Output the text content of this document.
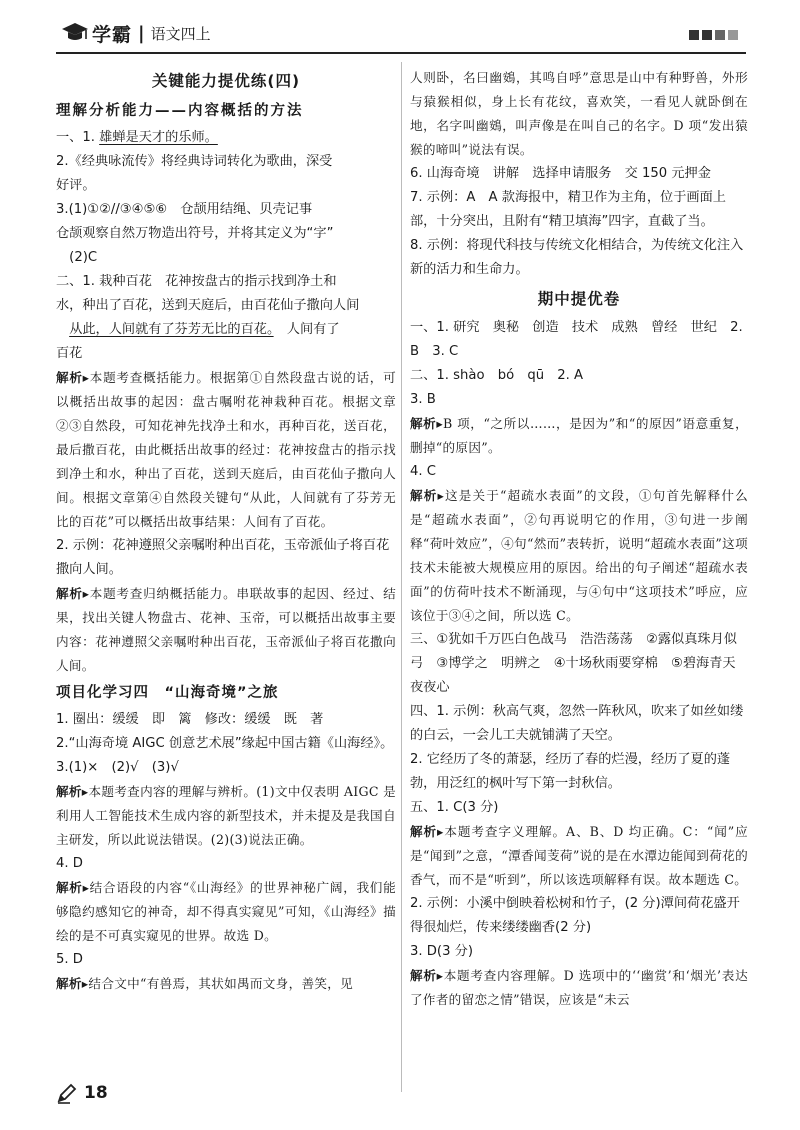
学霸 | 语文四上

关键能力提优练(四)

理解分析能力——内容概括的方法

一、1. 雄蝉是天才的乐师。

2.《经典咏流传》将经典诗词转化为歌曲，深受

好评。

3.(1)①②//③④⑤⑥　仓颉用结绳、贝壳记事

仓颉观察自然万物造出符号，并将其定义为“字”

　(2)C

二、1. 栽种百花　花神按盘古的指示找到净土和

水，种出了百花，送到天庭后，由百花仙子撒向人间

　从此，人间就有了芬芳无比的百花。　人间有了

百花

解析▸本题考查概括能力。根据第①自然段盘古说的话，可以概括出故事的起因：盘古嘱咐花神栽种百花。根据文章②③自然段，可知花神先找净土和水，再种百花，送百花，最后撒百花，由此概括出故事的经过：花神按盘古的指示找到净土和水，种出了百花，送到天庭后，由百花仙子撒向人间。根据文章第④自然段关键句“从此，人间就有了芬芳无比的百花”可以概括出故事结果：人间有了百花。

2. 示例：花神遵照父亲嘱咐种出百花，玉帝派仙子将百花撒向人间。

解析▸本题考查归纳概括能力。串联故事的起因、经过、结果，找出关键人物盘古、花神、玉帝，可以概括出故事主要内容：花神遵照父亲嘱咐种出百花，玉帝派仙子将百花撒向人间。

项目化学习四　“山海奇境”之旅

1. 圈出：缓缓　即　篱　修改：缓缓　既　著

2.“山海奇境 AIGC 创意艺术展”缘起中国古籍《山海经》。

3.(1)×　(2)√　(3)√

解析▸本题考查内容的理解与辨析。(1)文中仅表明 AIGC 是利用人工智能技术生成内容的新型技术，并未提及是我国自主研发，所以此说法错误。(2)(3)说法正确。

4. D

解析▸结合语段的内容“《山海经》的世界神秘广阔，我们能够隐约感知它的神奇，却不得真实窥见”可知，《山海经》描绘的是不可真实窥见的世界。故选 D。

5. D

解析▸结合文中“有兽焉，其状如禺而文身，善笑，见

人则卧，名曰幽鴳，其鸣自呼”意思是山中有种野兽，外形与猿猴相似，身上长有花纹，喜欢笑，一看见人就卧倒在地，名字叫幽鴳，叫声像是在叫自己的名字。D 项“发出猿猴的啼叫”说法有误。

6. 山海奇境　讲解　选择申请服务　交 150 元押金

7. 示例：A　A 款海报中，精卫作为主角，位于画面上部，十分突出，且附有“精卫填海”四字，直截了当。

8. 示例：将现代科技与传统文化相结合，为传统文化注入新的活力和生命力。

期中提优卷

一、1. 研究　奥秘　创造　技术　成熟　曾经　世纪　2. B　3. C

二、1. shào　bó　qū　2. A

3. B

解析▸B 项，“之所以……，是因为”和“的原因”语意重复，删掉“的原因”。

4. C

解析▸这是关于“超疏水表面”的文段，①句首先解释什么是“超疏水表面”，②句再说明它的作用，③句进一步阐释“荷叶效应”，④句“然而”表转折，说明“超疏水表面”这项技术未能被大规模应用的原因。给出的句子阐述“超疏水表面”的仿荷叶技术不断涌现，与④句中“这项技术”呼应，应该位于③④之间，所以选 C。

三、①犹如千万匹白色战马　浩浩荡荡　②露似真珠月似弓　③博学之　明辨之　④十场秋雨要穿棉　⑤碧海青天夜夜心

四、1. 示例：秋高气爽，忽然一阵秋风，吹来了如丝如缕的白云，一会儿工夫就铺满了天空。

2. 它经历了冬的萧瑟，经历了春的烂漫，经历了夏的蓬勃，用泛红的枫叶写下第一封秋信。

五、1. C(3 分)

解析▸本题考查字义理解。A、B、D 均正确。C：“闻”应是“闻到”之意，“潭香闻芰荷”说的是在水潭边能闻到荷花的香气，而不是“听到”，所以该选项解释有误。故本题选 C。

2. 示例：小溪中倒映着松树和竹子，(2 分)潭间荷花盛开得很灿烂，传来缕缕幽香(2 分)

3. D(3 分)

解析▸本题考查内容理解。D 选项中的‘‘幽赏’和‘烟光’表达了作者的留恋之情”错误，应该是“未云

18
